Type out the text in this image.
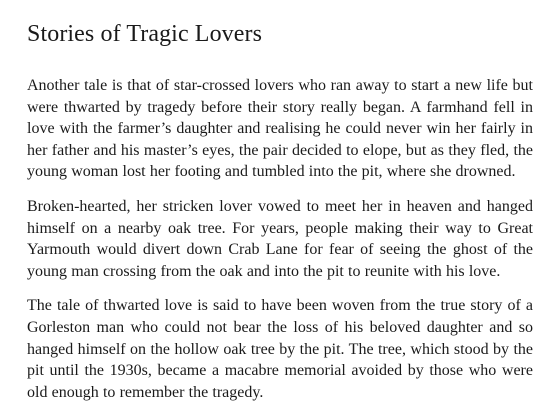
Stories of Tragic Lovers

Another tale is that of star-crossed lovers who ran away to start a new life but were thwarted by tragedy before their story really began. A farmhand fell in love with the farmer’s daughter and realising he could never win her fairly in her father and his master’s eyes, the pair decided to elope, but as they fled, the young woman lost her footing and tumbled into the pit, where she drowned.

Broken-hearted, her stricken lover vowed to meet her in heaven and hanged himself on a nearby oak tree. For years, people making their way to Great Yarmouth would divert down Crab Lane for fear of seeing the ghost of the young man crossing from the oak and into the pit to reunite with his love.

The tale of thwarted love is said to have been woven from the true story of a Gorleston man who could not bear the loss of his beloved daughter and so hanged himself on the hollow oak tree by the pit. The tree, which stood by the pit until the 1930s, became a macabre memorial avoided by those who were old enough to remember the tragedy.
